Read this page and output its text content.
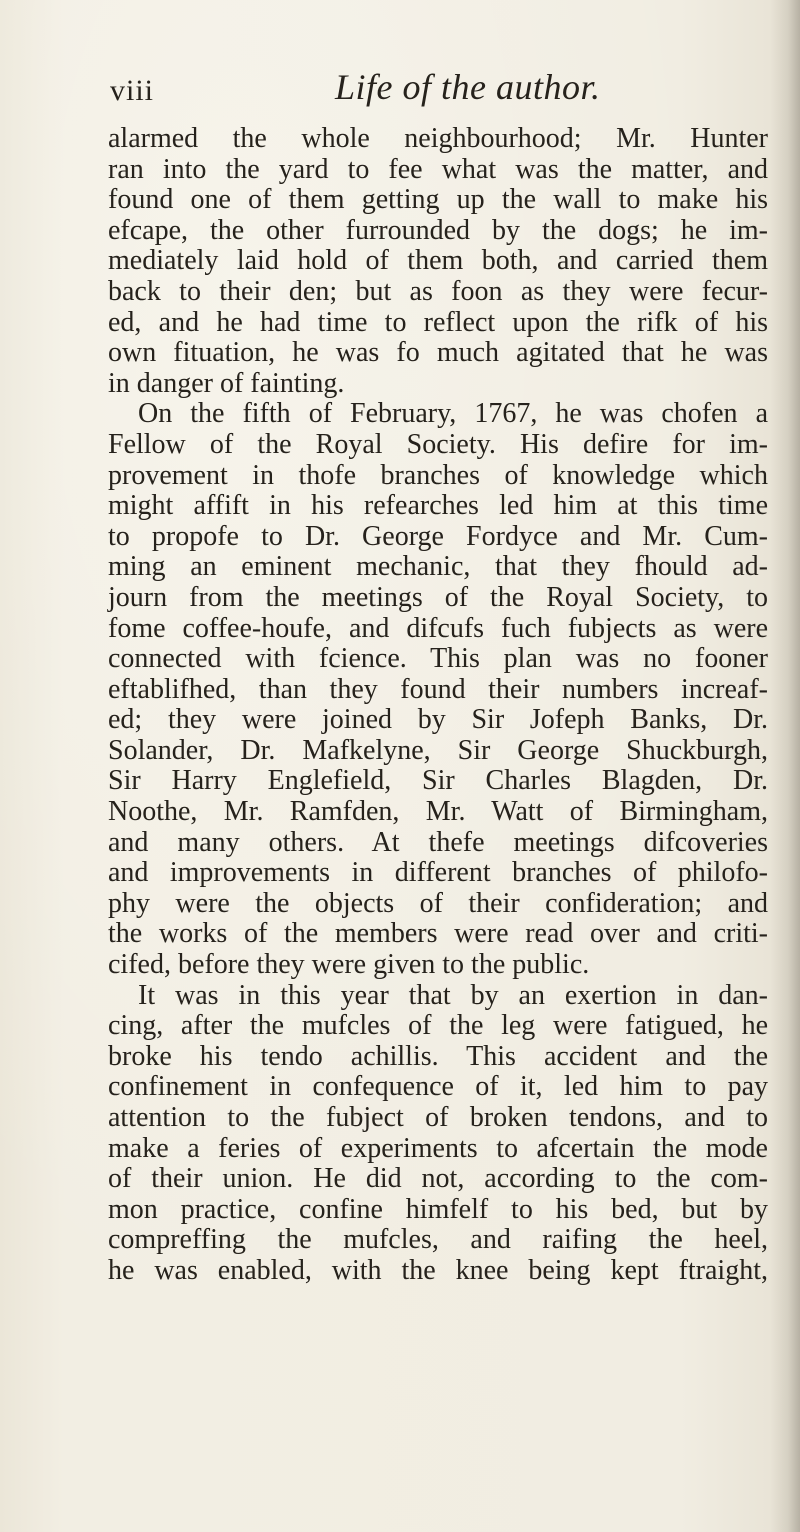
viii	Life of the author.
alarmed the whole neighbourhood; Mr. Hunter
ran into the yard to fee what was the matter, and
found one of them getting up the wall to make his
efcape, the other furrounded by the dogs; he im-
mediately laid hold of them both, and carried them
back to their den; but as foon as they were fecur-
ed, and he had time to reflect upon the rifk of his
own fituation, he was fo much agitated that he was
in danger of fainting.
On the fifth of February, 1767, he was chofen a
Fellow of the Royal Society. His defire for im-
provement in thofe branches of knowledge which
might affift in his refearches led him at this time
to propofe to Dr. George Fordyce and Mr. Cum-
ming an eminent mechanic, that they fhould ad-
journ from the meetings of the Royal Society, to
fome coffee-houfe, and difcufs fuch fubjects as were
connected with fcience. This plan was no fooner
eftablifhed, than they found their numbers increaf-
ed; they were joined by Sir Jofeph Banks, Dr.
Solander, Dr. Mafkelyne, Sir George Shuckburgh,
Sir Harry Englefield, Sir Charles Blagden, Dr.
Noothe, Mr. Ramfden, Mr. Watt of Birmingham,
and many others. At thefe meetings difcoveries
and improvements in different branches of philofo-
phy were the objects of their confideration; and
the works of the members were read over and criti-
cifed, before they were given to the public.
It was in this year that by an exertion in dan-
cing, after the mufcles of the leg were fatigued, he
broke his tendo achillis. This accident and the
confinement in confequence of it, led him to pay
attention to the fubject of broken tendons, and to
make a feries of experiments to afcertain the mode
of their union. He did not, according to the com-
mon practice, confine himfelf to his bed, but by
compreffing the mufcles, and raifing the heel,
he was enabled, with the knee being kept ftraight,
